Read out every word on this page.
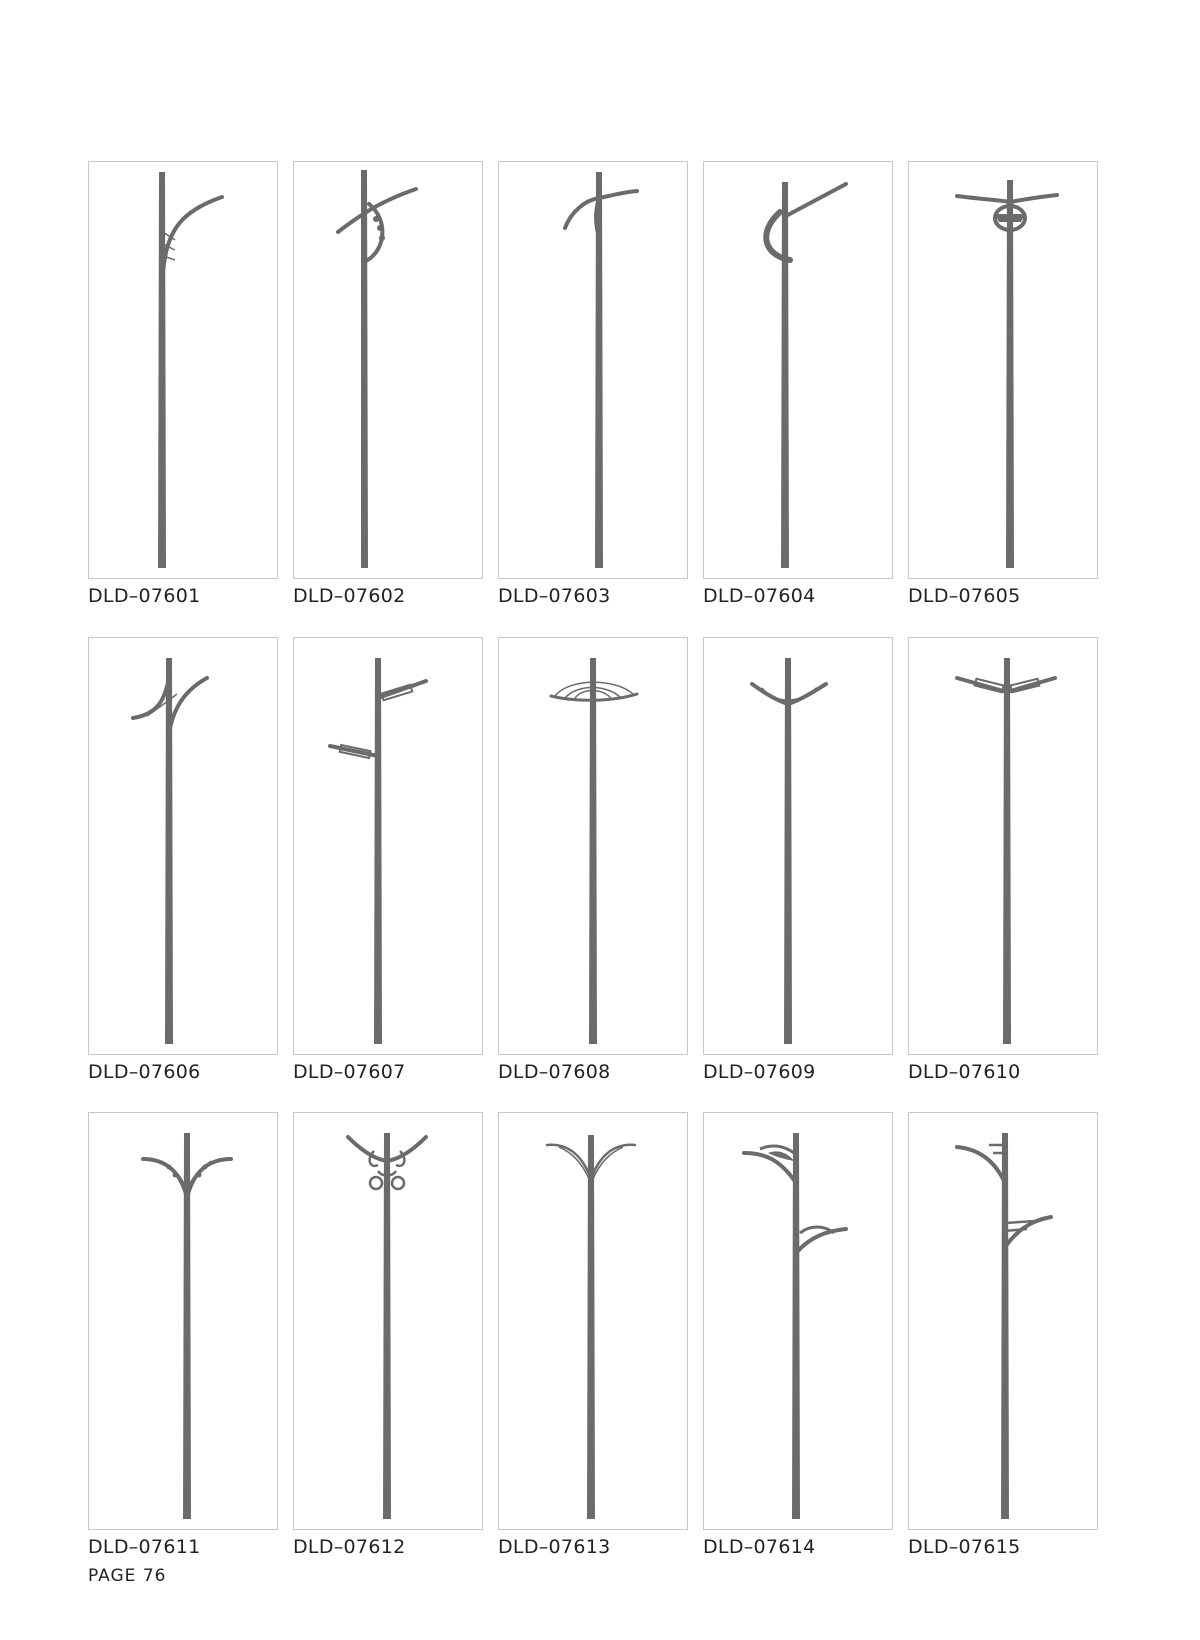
DLD–07601	DLD–07602	DLD–07603	DLD–07604	DLD–07605
DLD–07606	DLD–07607	DLD–07608	DLD–07609	DLD–07610
DLD–07611	DLD–07612	DLD–07613	DLD–07614	DLD–07615
PAGE 76
